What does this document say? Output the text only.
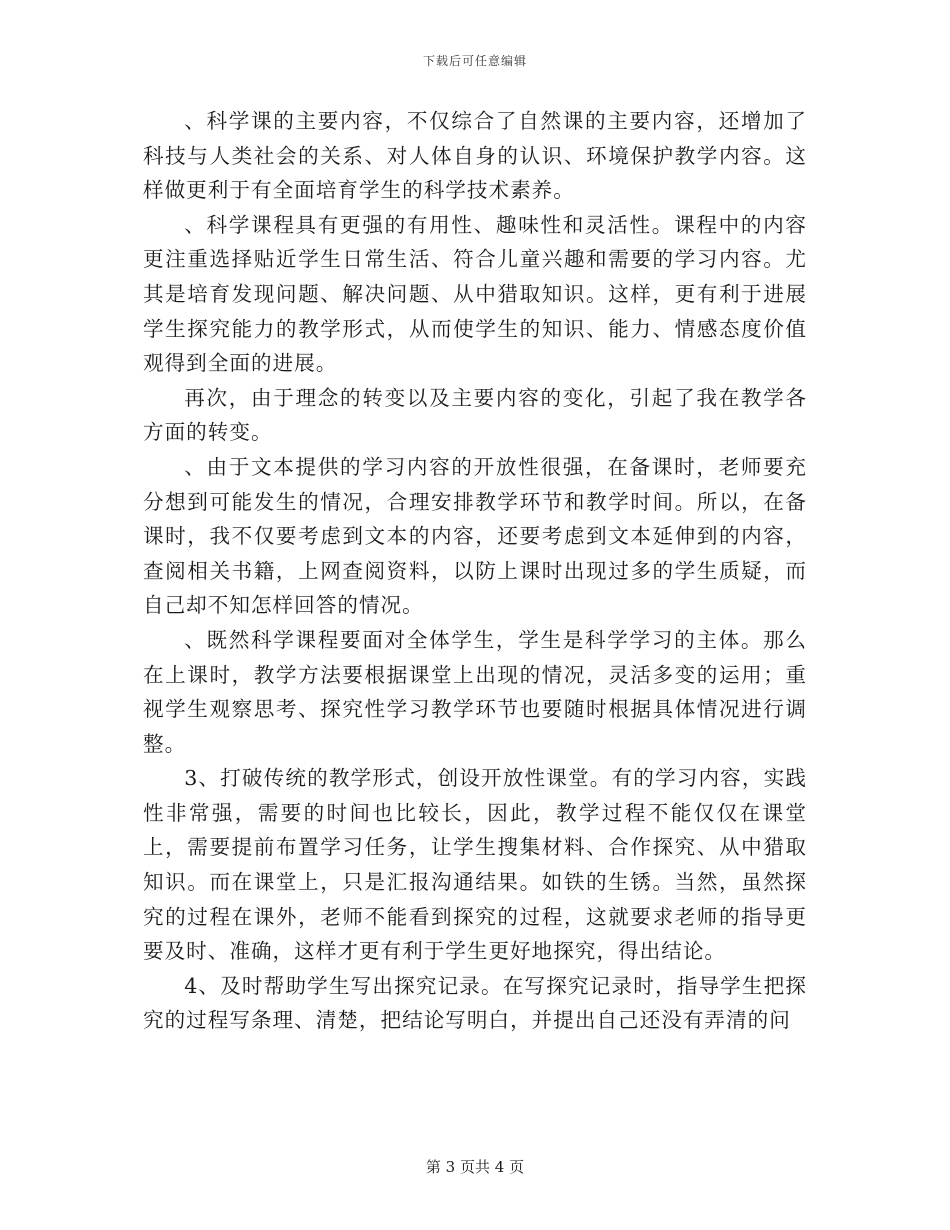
下载后可任意编辑

、科学课的主要内容，不仅综合了自然课的主要内容，还增加了科技与人类社会的关系、对人体自身的认识、环境保护教学内容。这样做更利于有全面培育学生的科学技术素养。

、科学课程具有更强的有用性、趣味性和灵活性。课程中的内容更注重选择贴近学生日常生活、符合儿童兴趣和需要的学习内容。尤其是培育发现问题、解决问题、从中猎取知识。这样，更有利于进展学生探究能力的教学形式，从而使学生的知识、能力、情感态度价值观得到全面的进展。

再次，由于理念的转变以及主要内容的变化，引起了我在教学各方面的转变。

、由于文本提供的学习内容的开放性很强，在备课时，老师要充分想到可能发生的情况，合理安排教学环节和教学时间。所以，在备课时，我不仅要考虑到文本的内容，还要考虑到文本延伸到的内容，查阅相关书籍，上网查阅资料，以防上课时出现过多的学生质疑，而自己却不知怎样回答的情况。

、既然科学课程要面对全体学生，学生是科学学习的主体。那么在上课时，教学方法要根据课堂上出现的情况，灵活多变的运用；重视学生观察思考、探究性学习教学环节也要随时根据具体情况进行调整。

3、打破传统的教学形式，创设开放性课堂。有的学习内容，实践性非常强，需要的时间也比较长，因此，教学过程不能仅仅在课堂上，需要提前布置学习任务，让学生搜集材料、合作探究、从中猎取知识。而在课堂上，只是汇报沟通结果。如铁的生锈。当然，虽然探究的过程在课外，老师不能看到探究的过程，这就要求老师的指导更要及时、准确，这样才更有利于学生更好地探究，得出结论。

4、及时帮助学生写出探究记录。在写探究记录时，指导学生把探究的过程写条理、清楚，把结论写明白，并提出自己还没有弄清的问

第 3 页共 4 页
